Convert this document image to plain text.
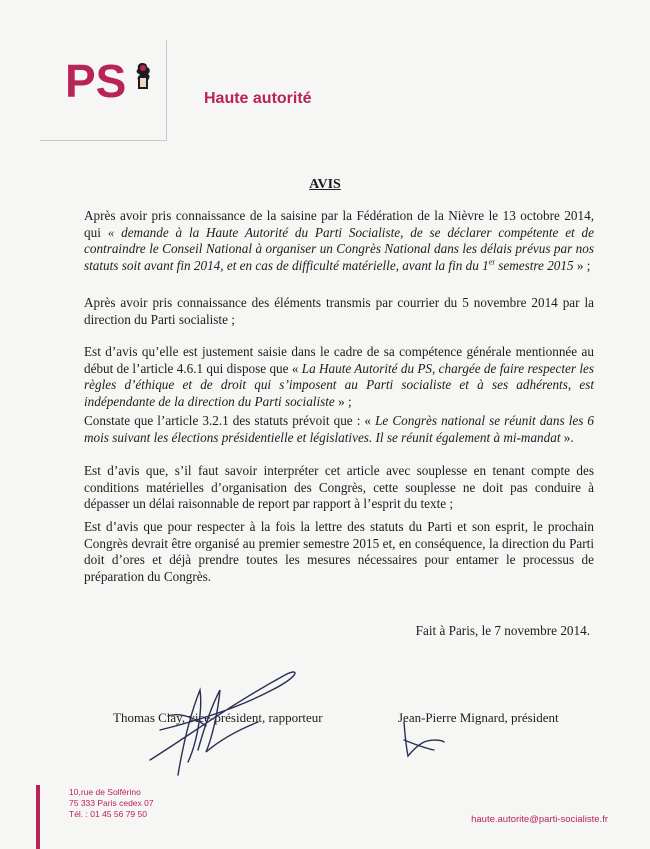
PS	Haute autorité
AVIS

Après avoir pris connaissance de la saisine par la Fédération de la Nièvre le 13 octobre 2014, qui « demande à la Haute Autorité du Parti Socialiste, de se déclarer compétente et de contraindre le Conseil National à organiser un Congrès National dans les délais prévus par nos statuts soit avant fin 2014, et en cas de difficulté matérielle, avant la fin du 1er semestre 2015 » ;

Après avoir pris connaissance des éléments transmis par courrier du 5 novembre 2014 par la direction du Parti socialiste ;

Est d’avis qu’elle est justement saisie dans le cadre de sa compétence générale mentionnée au début de l’article 4.6.1 qui dispose que « La Haute Autorité du PS, chargée de faire respecter les règles d’éthique et de droit qui s’imposent au Parti socialiste et à ses adhérents, est indépendante de la direction du Parti socialiste » ;

Constate que l’article 3.2.1 des statuts prévoit que : « Le Congrès national se réunit dans les 6 mois suivant les élections présidentielle et législatives. Il se réunit également à mi-mandat ».

Est d’avis que, s’il faut savoir interpréter cet article avec souplesse en tenant compte des conditions matérielles d’organisation des Congrès, cette souplesse ne doit pas conduire à dépasser un délai raisonnable de report par rapport à l’esprit du texte ;

Est d’avis que pour respecter à la fois la lettre des statuts du Parti et son esprit, le prochain Congrès devrait être organisé au premier semestre 2015 et, en conséquence, la direction du Parti doit d’ores et déjà prendre toutes les mesures nécessaires pour entamer le processus de préparation du Congrès.

Fait à Paris, le 7 novembre 2014.
Thomas Clay, vice-président, rapporteur	Jean-Pierre Mignard, président
10,rue de Solférino
75 333 Paris cedex 07
Tél. : 01 45 56 79 50	haute.autorite@parti-socialiste.fr
